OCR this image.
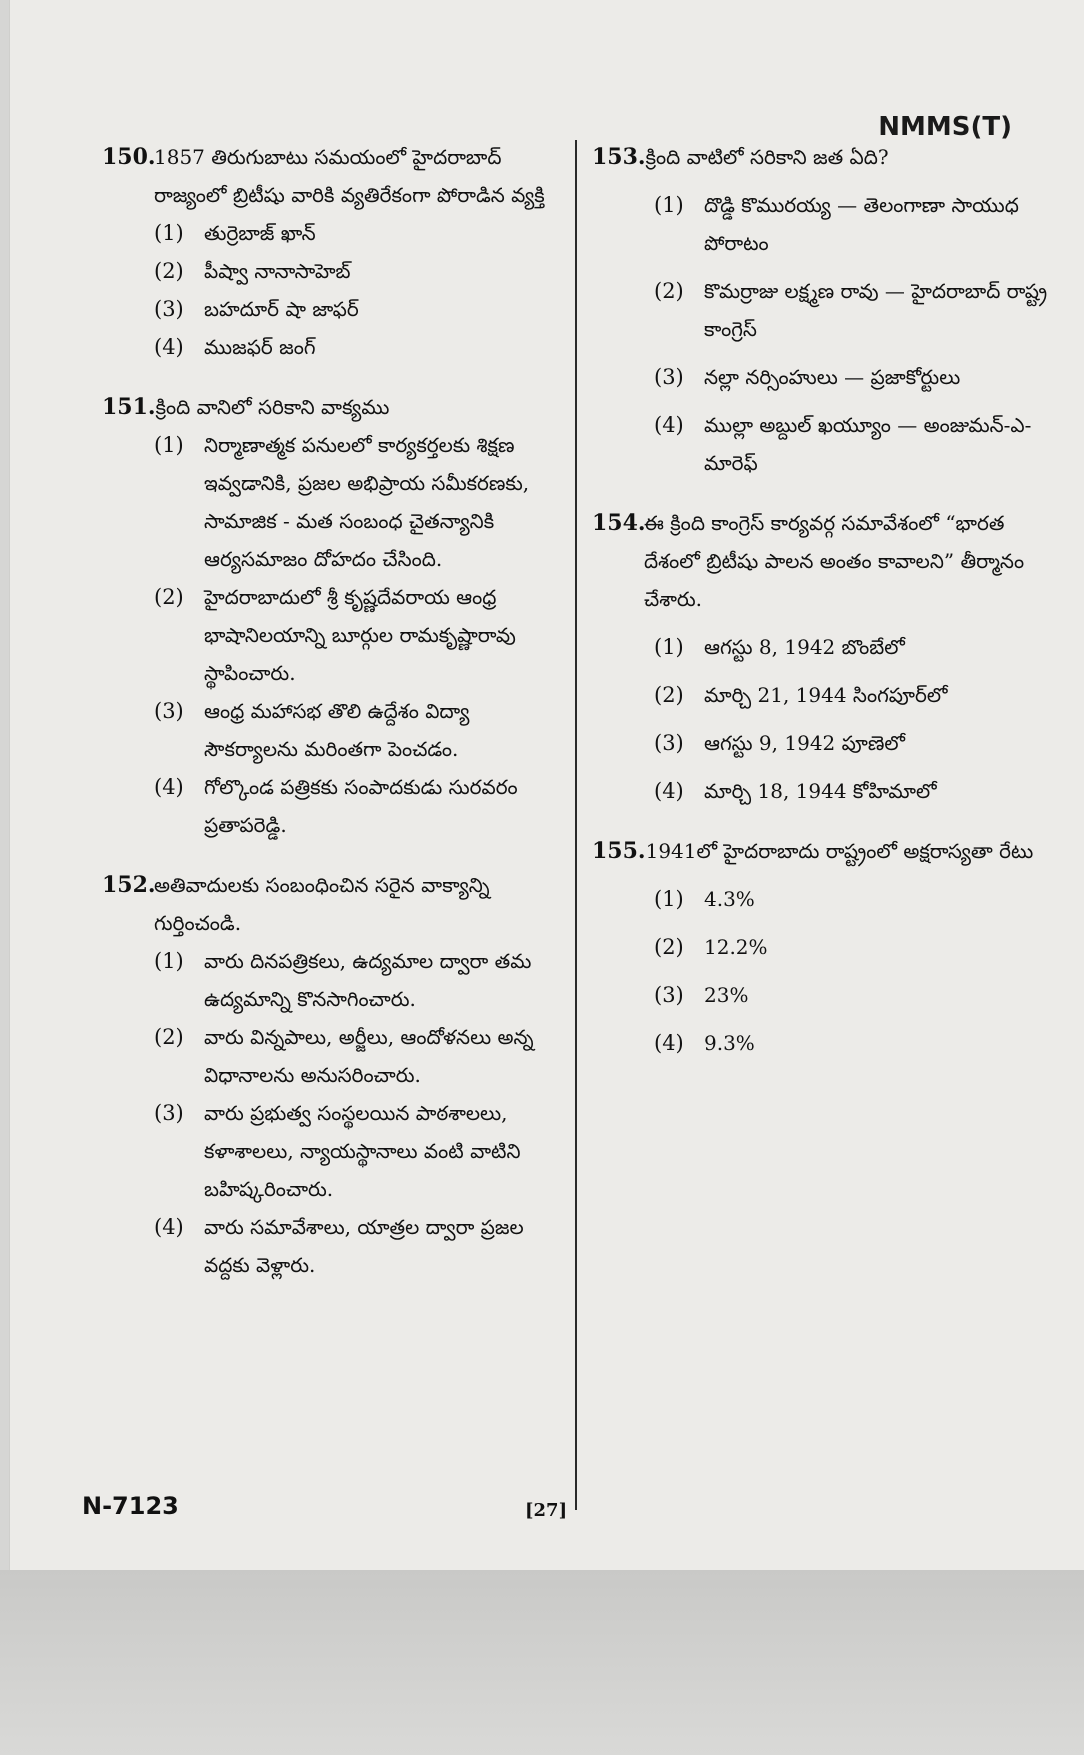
NMMS(T)
150.
1857 తిరుగుబాటు సమయంలో హైదరాబాద్ రాజ్యంలో బ్రిటీషు వారికి వ్యతిరేకంగా పోరాడిన వ్యక్తి
(1)	తుర్రెబాజ్ ఖాన్
(2)	పీష్వా నానాసాహెబ్
(3)	బహదూర్ షా జాఫర్
(4)	ముజఫర్ జంగ్
151. క్రింది వానిలో సరికాని వాక్యము
(1)	నిర్మాణాత్మక పనులలో కార్యకర్తలకు శిక్షణ ఇవ్వడానికి, ప్రజల అభిప్రాయ సమీకరణకు, సామాజిక - మత సంబంధ చైతన్యానికి ఆర్యసమాజం దోహదం చేసింది.
(2)	హైదరాబాదులో శ్రీ కృష్ణదేవరాయ ఆంధ్ర భాషానిలయాన్ని బూర్గుల రామకృష్ణారావు స్థాపించారు.
(3)	ఆంధ్ర మహాసభ తొలి ఉద్దేశం విద్యా సౌకర్యాలను మరింతగా పెంచడం.
(4)	గోల్కొండ పత్రికకు సంపాదకుడు సురవరం ప్రతాపరెడ్డి.
152.
అతివాదులకు సంబంధించిన సరైన వాక్యాన్ని గుర్తించండి.
(1)	వారు దినపత్రికలు, ఉద్యమాల ద్వారా తమ ఉద్యమాన్ని కొనసాగించారు.
(2)	వారు విన్నపాలు, అర్జీలు, ఆందోళనలు అన్న విధానాలను అనుసరించారు.
(3)	వారు ప్రభుత్వ సంస్థలయిన పాఠశాలలు, కళాశాలలు, న్యాయస్థానాలు వంటి వాటిని బహిష్కరించారు.
(4)	వారు సమావేశాలు, యాత్రల ద్వారా ప్రజల వద్దకు వెళ్లారు.
153. క్రింది వాటిలో సరికాని జత ఏది?
(1)	దొడ్డి కొమురయ్య — తెలంగాణా సాయుధ పోరాటం
(2)	కొమర్రాజు లక్ష్మణ రావు — హైదరాబాద్ రాష్ట్ర కాంగ్రెస్
(3)	నల్లా నర్సింహులు — ప్రజాకోర్టులు
(4)	ముల్లా అబ్దుల్ ఖయ్యూం — అంజుమన్-ఎ-మారెఫ్
154.
ఈ క్రింది కాంగ్రెస్ కార్యవర్గ సమావేశంలో “భారత దేశంలో బ్రిటీషు పాలన అంతం కావాలని” తీర్మానం చేశారు.
(1)	ఆగస్టు 8, 1942 బొంబేలో
(2)	మార్చి 21, 1944 సింగపూర్‌లో
(3)	ఆగస్టు 9, 1942 పూణెలో
(4)	మార్చి 18, 1944 కోహిమాలో
155. 1941లో హైదరాబాదు రాష్ట్రంలో అక్షరాస్యతా రేటు
(1)	4.3%
(2)	12.2%
(3)	23%
(4)	9.3%
N-7123	[27]
